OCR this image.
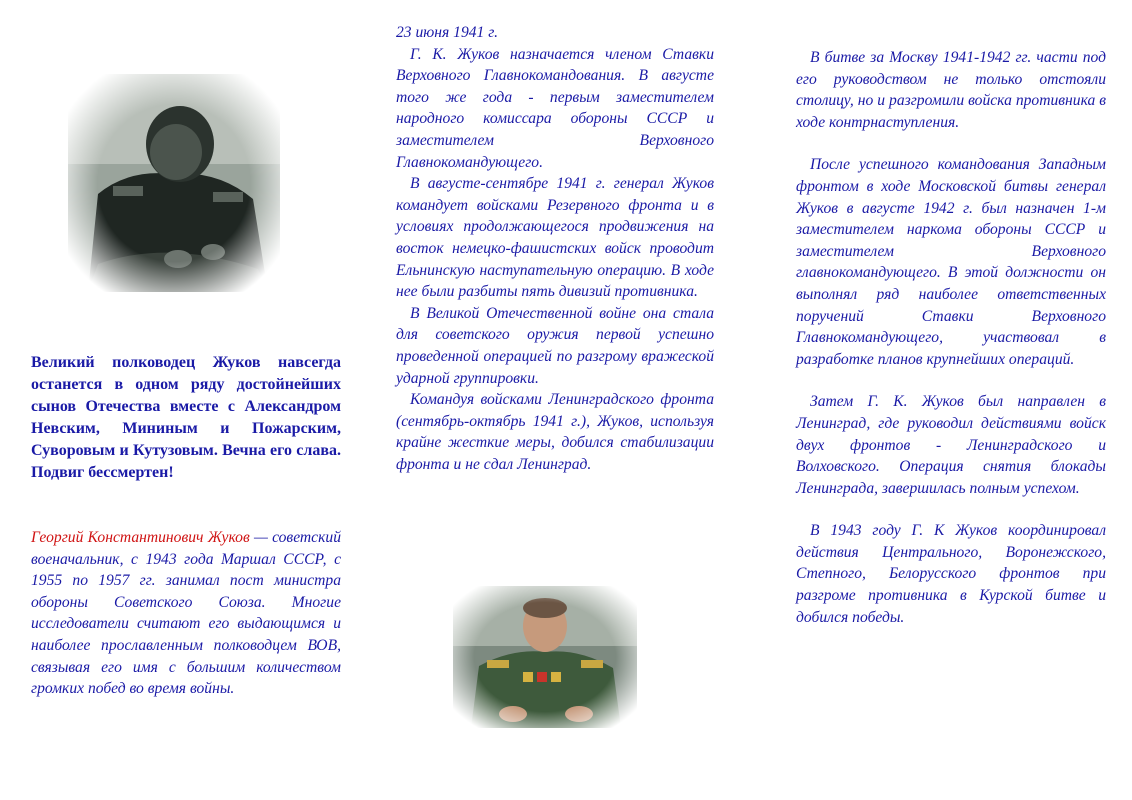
Великий полководец Жуков навсегда останется в одном ряду достойнейших сынов Отечества вместе с Александром Невским, Мининым и Пожарским, Суворовым и Кутузовым. Вечна его слава. Подвиг бессмертен!

Георгий Константинович Жуков — советский военачальник, с 1943 года Маршал СССР, с 1955 по 1957 гг. занимал пост министра обороны Советского Союза. Многие исследователи считают его выдающимся и наиболее прославленным полководцем ВОВ, связывая его имя с большим количеством громких побед во время войны.

23 июня 1941 г.

Г. К. Жуков назначается членом Ставки Верховного Главнокомандования. В августе того же года - первым заместителем народного комиссара обороны СССР и заместителем Верховного Главнокомандующего.

В августе-сентябре 1941 г. генерал Жуков командует войсками Резервного фронта и в условиях продолжающегося продвижения на восток немецко-фашистских войск проводит Ельнинскую наступательную операцию. В ходе нее были разбиты пять дивизий противника.

В Великой Отечественной войне она стала для советского оружия первой успешно проведенной операцией по разгрому вражеской ударной группировки.

Командуя войсками Ленинградского фронта (сентябрь-октябрь 1941 г.), Жуков, используя крайне жесткие меры, добился стабилизации фронта и не сдал Ленинград.

В битве за Москву 1941-1942 гг. части под его руководством не только отстояли столицу, но и разгромили войска противника в ходе контрнаступления.

После успешного командования Западным фронтом в ходе Московской битвы генерал Жуков в августе 1942 г. был назначен 1-м заместителем наркома обороны СССР и заместителем Верховного главнокомандующего. В этой должности он выполнял ряд наиболее ответственных поручений Ставки Верховного Главнокомандующего, участвовал в разработке планов крупнейших операций.

Затем Г. К. Жуков был направлен в Ленинград, где руководил действиями войск двух фронтов - Ленинградского и Волховского. Операция снятия блокады Ленинграда, завершилась полным успехом.

В 1943 году Г. К Жуков координировал действия Центрального, Воронежского, Степного, Белорусского фронтов при разгроме противника в Курской битве и добился победы.
